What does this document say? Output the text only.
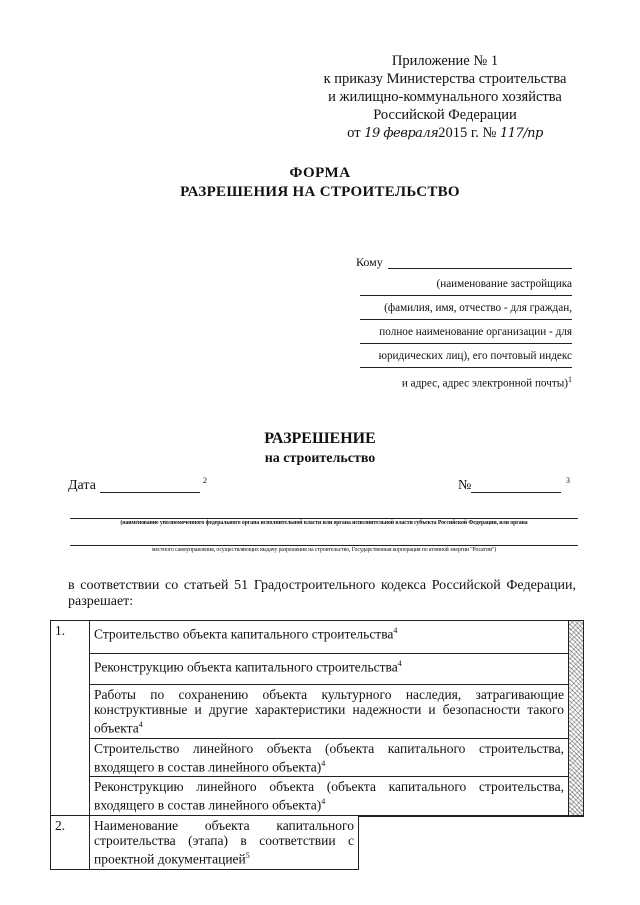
Приложение № 1
к приказу Министерства строительства
и жилищно-коммунального хозяйства
Российской Федерации
от 19 февраля2015 г. № 117/пр
ФОРМА
РАЗРЕШЕНИЯ НА СТРОИТЕЛЬСТВО
Кому
(наименование застройщика
(фамилия, имя, отчество - для граждан,
полное наименование организации - для
юридических лиц), его почтовый индекс
и адрес, адрес электронной почты)$^1$
РАЗРЕШЕНИЕ
на строительство
Дата	2	№	3
(наименование уполномоченного федерального органа исполнительной власти или органа исполнительной власти субъекта Российской Федерации, или органа
местного самоуправления, осуществляющих выдачу разрешения на строительство, Государственная корпорация по атомной энергии "Росатом")
в соответствии со статьей 51 Градостроительного кодекса Российской Федерации, разрешает:
1.	Строительство объекта капитального строительства$^4$	
Реконструкцию объекта капитального строительства$^4$
Работы по сохранению объекта культурного наследия, затрагивающие конструктивные и другие характеристики надежности и безопасности такого объекта$^4$
Строительство линейного объекта (объекта капитального строительства, входящего в состав линейного объекта)$^4$
Реконструкцию линейного объекта (объекта капитального строительства, входящего в состав линейного объекта)$^4$
2.	Наименование объекта капитального строительства (этапа) в соответствии с проектной документацией$^5$	
